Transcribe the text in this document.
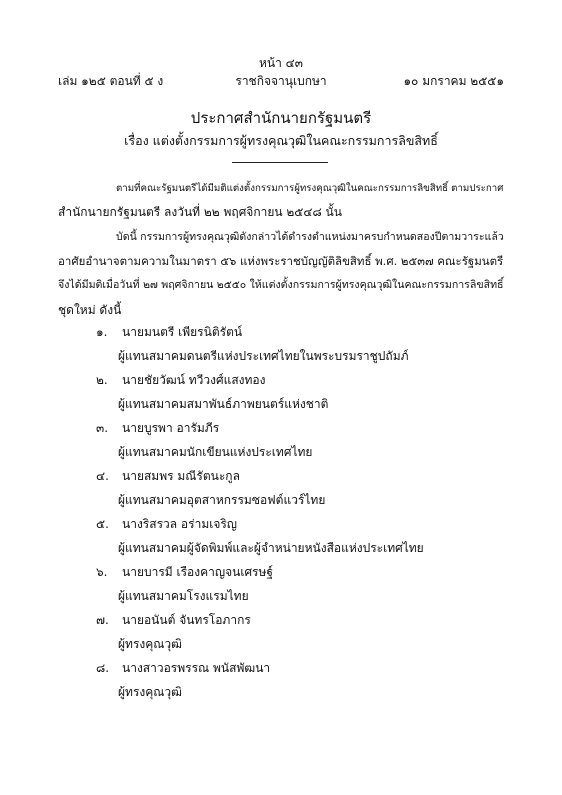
หน้า ๔๓
เล่ม ๑๒๕ ตอนที่ ๕ ง	ราชกิจจานุเบกษา	๑๐ มกราคม ๒๕๕๑
ประกาศสำนักนายกรัฐมนตรี
เรื่อง แต่งตั้งกรรมการผู้ทรงคุณวุฒิในคณะกรรมการลิขสิทธิ์
ตามที่คณะรัฐมนตรีได้มีมติแต่งตั้งกรรมการผู้ทรงคุณวุฒิในคณะกรรมการลิขสิทธิ์ ตามประกาศ
สำนักนายกรัฐมนตรี ลงวันที่ ๒๒ พฤศจิกายน ๒๕๔๘ นั้น
บัดนี้ กรรมการผู้ทรงคุณวุฒิดังกล่าวได้ดำรงตำแหน่งมาครบกำหนดสองปีตามวาระแล้ว
อาศัยอำนาจตามความในมาตรา ๕๖ แห่งพระราชบัญญัติลิขสิทธิ์ พ.ศ. ๒๕๓๗ คณะรัฐมนตรี
จึงได้มีมติเมื่อวันที่ ๒๗ พฤศจิกายน ๒๕๕๐ ให้แต่งตั้งกรรมการผู้ทรงคุณวุฒิในคณะกรรมการลิขสิทธิ์
ชุดใหม่ ดังนี้
๑. นายมนตรี เพียรนิติรัตน์
ผู้แทนสมาคมดนตรีแห่งประเทศไทยในพระบรมราชูปถัมภ์
๒. นายชัยวัฒน์ ทวีวงศ์แสงทอง
ผู้แทนสมาคมสมาพันธ์ภาพยนตร์แห่งชาติ
๓. นายบูรพา อารัมภีร
ผู้แทนสมาคมนักเขียนแห่งประเทศไทย
๔. นายสมพร มณีรัตนะกูล
ผู้แทนสมาคมอุตสาหกรรมซอฟต์แวร์ไทย
๕. นางริสรวล อร่ามเจริญ
ผู้แทนสมาคมผู้จัดพิมพ์และผู้จำหน่ายหนังสือแห่งประเทศไทย
๖. นายบารมี เรืองคาญจนเศรษฐ์
ผู้แทนสมาคมโรงแรมไทย
๗. นายอนันต์ จันทรโอภากร
ผู้ทรงคุณวุฒิ
๘. นางสาวอรพรรณ พนัสพัฒนา
ผู้ทรงคุณวุฒิ
